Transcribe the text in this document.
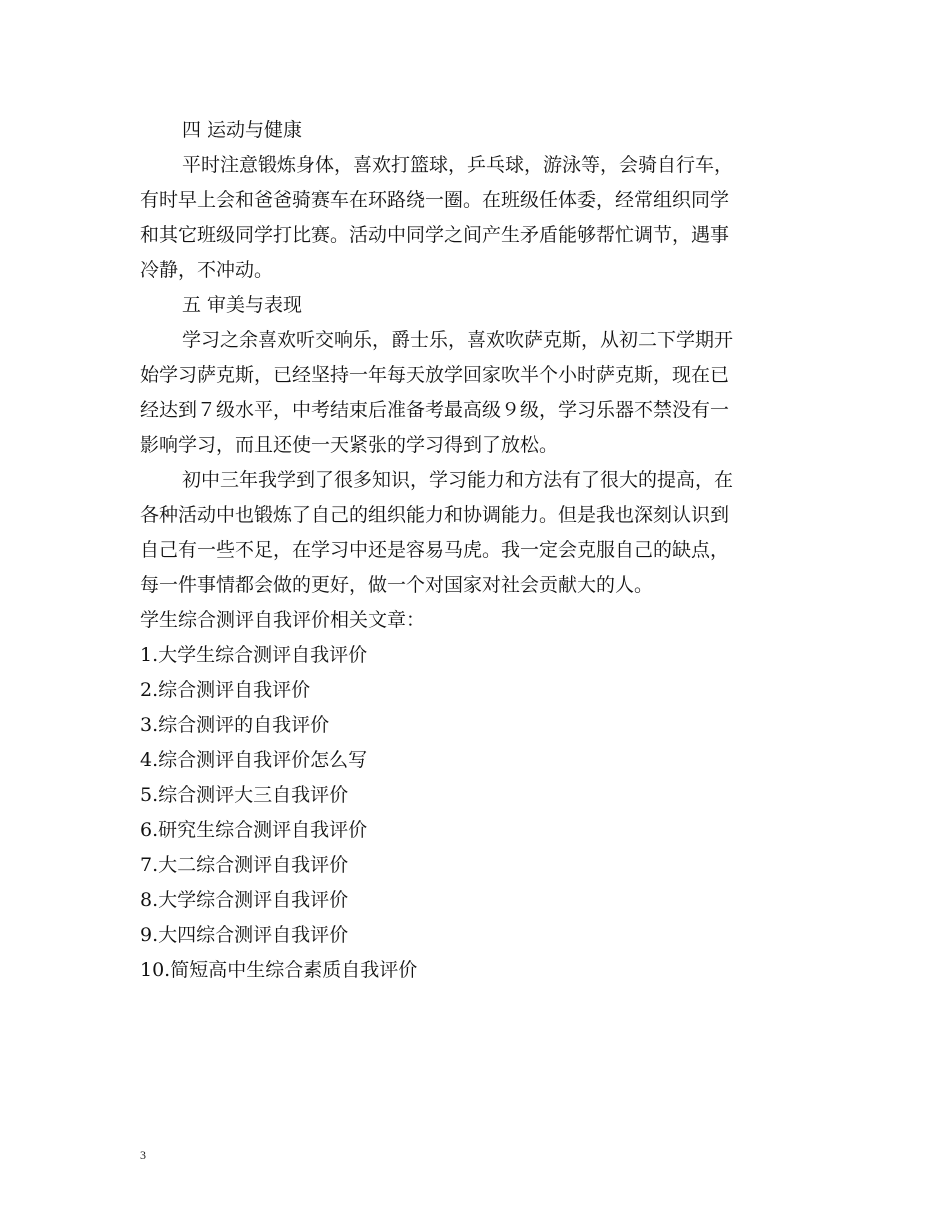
四 运动与健康
平时注意锻炼身体，喜欢打篮球，乒乓球，游泳等，会骑自行车，
有时早上会和爸爸骑赛车在环路绕一圈。在班级任体委，经常组织同学
和其它班级同学打比赛。活动中同学之间产生矛盾能够帮忙调节，遇事
冷静，不冲动。
五 审美与表现
学习之余喜欢听交响乐，爵士乐，喜欢吹萨克斯，从初二下学期开
始学习萨克斯，已经坚持一年每天放学回家吹半个小时萨克斯，现在已
经达到７级水平，中考结束后准备考最高级９级，学习乐器不禁没有一
影响学习，而且还使一天紧张的学习得到了放松。
初中三年我学到了很多知识，学习能力和方法有了很大的提高，在
各种活动中也锻炼了自己的组织能力和协调能力。但是我也深刻认识到
自己有一些不足，在学习中还是容易马虎。我一定会克服自己的缺点，
每一件事情都会做的更好，做一个对国家对社会贡献大的人。
学生综合测评自我评价相关文章：
1.大学生综合测评自我评价
2.综合测评自我评价
3.综合测评的自我评价
4.综合测评自我评价怎么写
5.综合测评大三自我评价
6.研究生综合测评自我评价
7.大二综合测评自我评价
8.大学综合测评自我评价
9.大四综合测评自我评价
10.简短高中生综合素质自我评价
3
